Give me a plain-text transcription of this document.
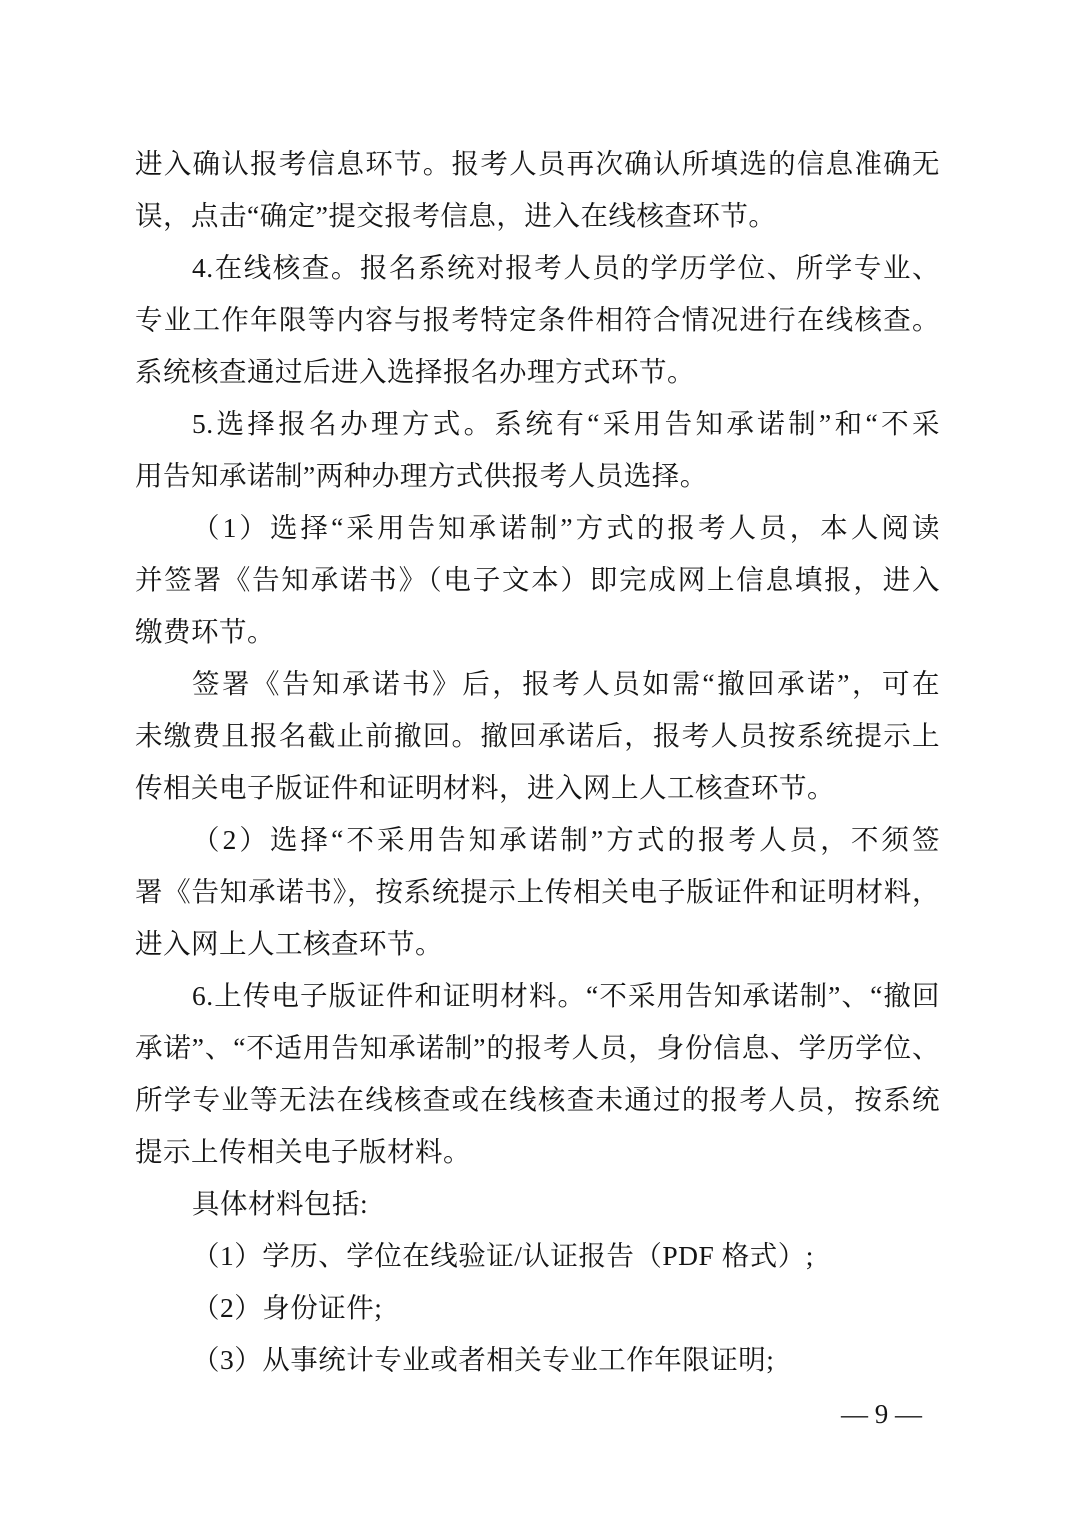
进入确认报考信息环节。报考人员再次确认所填选的信息准确无
误，点击“确定”提交报考信息，进入在线核查环节。
4.在线核查。报名系统对报考人员的学历学位、所学专业、
专业工作年限等内容与报考特定条件相符合情况进行在线核查。
系统核查通过后进入选择报名办理方式环节。
5.选择报名办理方式。系统有“采用告知承诺制”和“不采
用告知承诺制”两种办理方式供报考人员选择。
（1）选择“采用告知承诺制”方式的报考人员，本人阅读
并签署《告知承诺书》（电子文本）即完成网上信息填报，进入
缴费环节。
签署《告知承诺书》后，报考人员如需“撤回承诺”，可在
未缴费且报名截止前撤回。撤回承诺后，报考人员按系统提示上
传相关电子版证件和证明材料，进入网上人工核查环节。
（2）选择“不采用告知承诺制”方式的报考人员，不须签
署《告知承诺书》，按系统提示上传相关电子版证件和证明材料，
进入网上人工核查环节。
6.上传电子版证件和证明材料。“不采用告知承诺制”、“撤回
承诺”、“不适用告知承诺制”的报考人员，身份信息、学历学位、
所学专业等无法在线核查或在线核查未通过的报考人员，按系统
提示上传相关电子版材料。
具体材料包括:
（1）学历、学位在线验证/认证报告（PDF 格式）;
（2）身份证件;
（3）从事统计专业或者相关专业工作年限证明;
— 9 —
